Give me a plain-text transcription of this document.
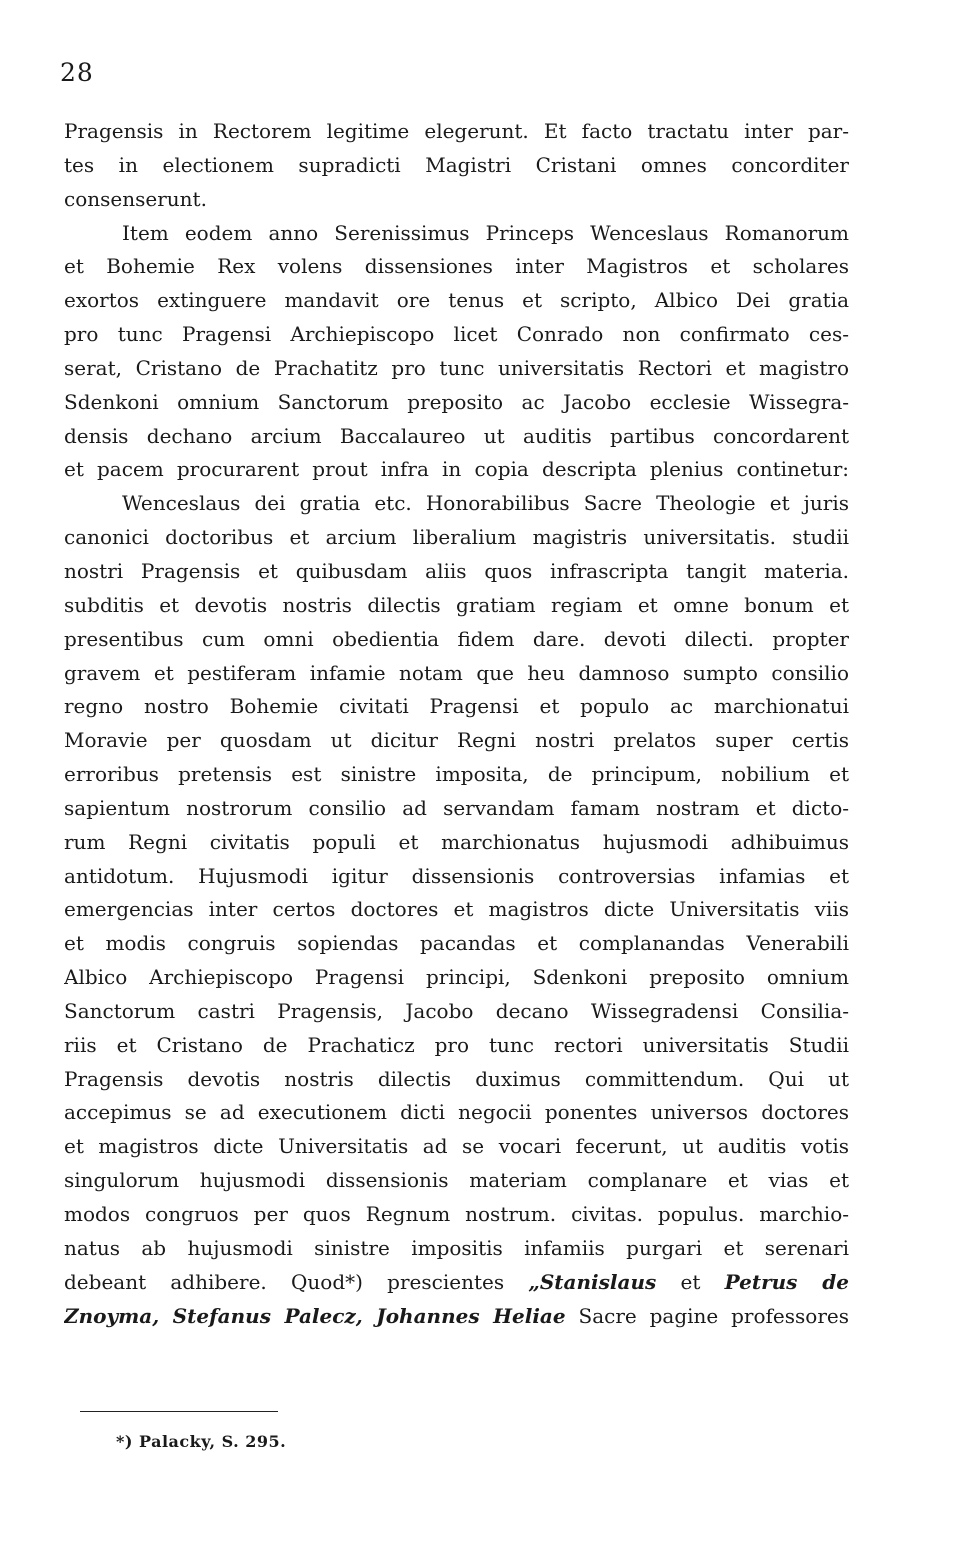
28
Pragensis in Rectorem legitime elegerunt. Et facto tractatu inter par-
tes in electionem supradicti Magistri Cristani omnes concorditer
consenserunt.
Item eodem anno Serenissimus Princeps Wenceslaus Romanorum
et Bohemie Rex volens dissensiones inter Magistros et scholares
exortos extinguere mandavit ore tenus et scripto, Albico Dei gratia
pro tunc Pragensi Archiepiscopo licet Conrado non confirmato ces-
serat, Cristano de Prachatitz pro tunc universitatis Rectori et magistro
Sdenkoni omnium Sanctorum preposito ac Jacobo ecclesie Wissegra-
densis dechano arcium Baccalaureo ut auditis partibus concordarent
et pacem procurarent prout infra in copia descripta plenius continetur:
Wenceslaus dei gratia etc. Honorabilibus Sacre Theologie et juris
canonici doctoribus et arcium liberalium magistris universitatis. studii
nostri Pragensis et quibusdam aliis quos infrascripta tangit materia.
subditis et devotis nostris dilectis gratiam regiam et omne bonum et
presentibus cum omni obedientia fidem dare. devoti dilecti. propter
gravem et pestiferam infamie notam que heu damnoso sumpto consilio
regno nostro Bohemie civitati Pragensi et populo ac marchionatui
Moravie per quosdam ut dicitur Regni nostri prelatos super certis
erroribus pretensis est sinistre imposita, de principum, nobilium et
sapientum nostrorum consilio ad servandam famam nostram et dicto-
rum Regni civitatis populi et marchionatus hujusmodi adhibuimus
antidotum. Hujusmodi igitur dissensionis controversias infamias et
emergencias inter certos doctores et magistros dicte Universitatis viis
et modis congruis sopiendas pacandas et complanandas Venerabili
Albico Archiepiscopo Pragensi principi, Sdenkoni preposito omnium
Sanctorum castri Pragensis, Jacobo decano Wissegradensi Consilia-
riis et Cristano de Prachaticz pro tunc rectori universitatis Studii
Pragensis devotis nostris dilectis duximus committendum. Qui ut
accepimus se ad executionem dicti negocii ponentes universos doctores
et magistros dicte Universitatis ad se vocari fecerunt, ut auditis votis
singulorum hujusmodi dissensionis materiam complanare et vias et
modos congruos per quos Regnum nostrum. civitas. populus. marchio-
natus ab hujusmodi sinistre impositis infamiis purgari et serenari
debeant adhibere. Quod*) prescientes „Stanislaus et Petrus de
Znoyma, Stefanus Palecz, Johannes Heliae Sacre pagine professores
*) Palacky, S. 295.
